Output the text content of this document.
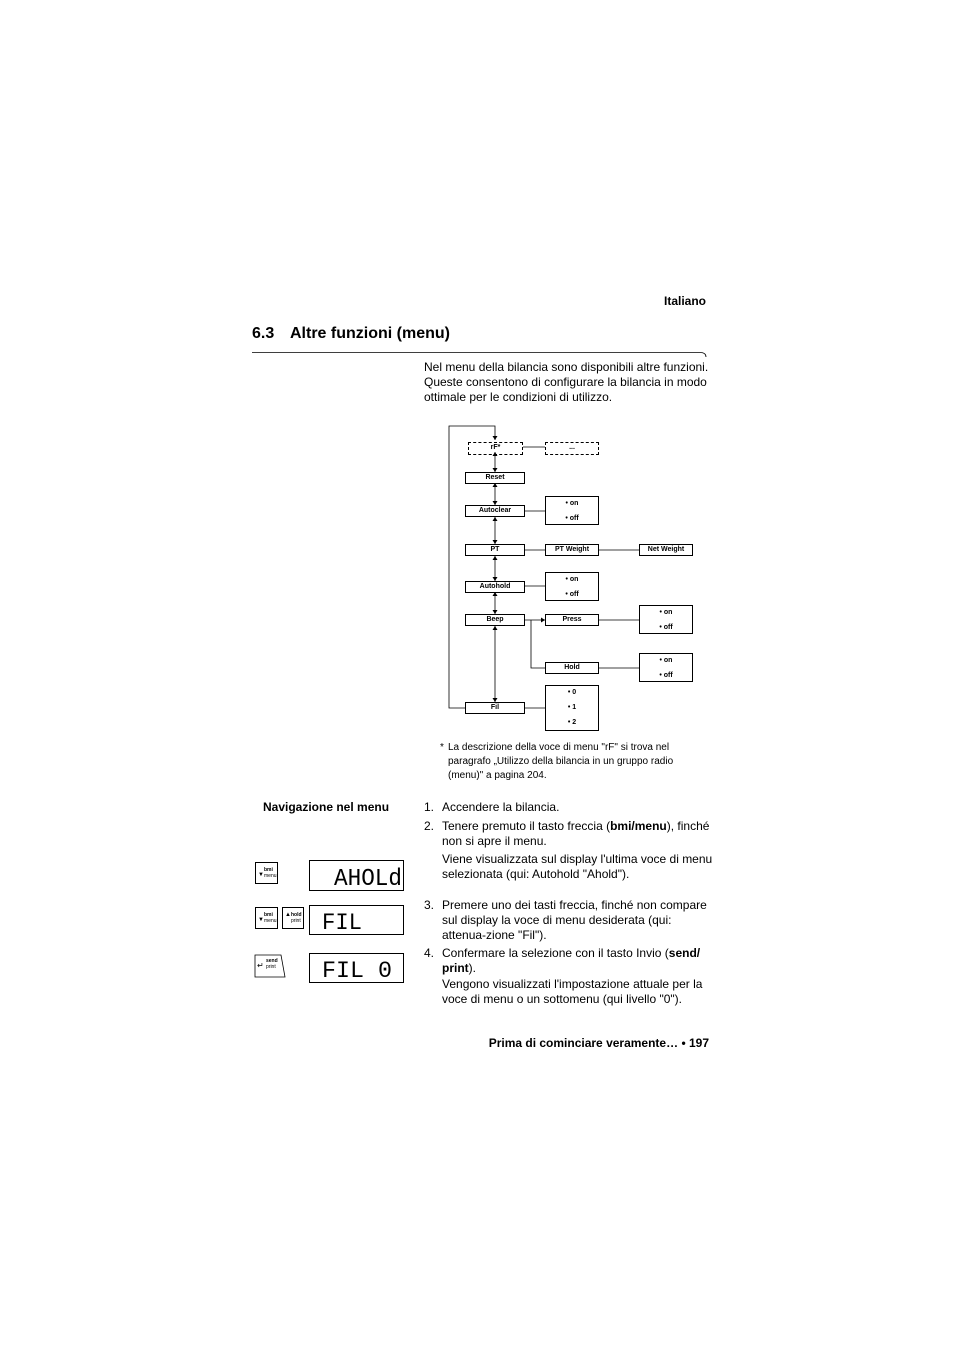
Italiano
6.3 Altre funzioni (menu)
Nel menu della bilancia sono disponibili altre funzioni. Queste consentono di configurare la bilancia in modo ottimale per le condizioni di utilizzo.
rF*	...
Reset
Autoclear
• on
• off
PT	PT Weight	Net Weight
Autohold
• on
• off
Beep	Press
• on
• off
Hold
• on
• off
Fil
• 0
• 1
• 2
* La descrizione della voce di menu "rF" si trova nel paragrafo „Utilizzo della bilancia in un gruppo radio (menu)" a pagina 204.
Navigazione nel menu	1. Accendere la bilancia.
2. Tenere premuto il tasto freccia (bmi/menu), finché non si apre il menu.
Viene visualizzata sul display l'ultima voce di menu selezionata (qui: Autohold "Ahold").
3. Premere uno dei tasti freccia, finché non compare sul display la voce di menu desiderata (qui: attenua-zione "Fil").
4. Confermare la selezione con il tasto Invio (send/ print).
Vengono visualizzati l'impostazione attuale per la voce di menu o un sottomenu (qui livello "0").
▼
bmi
menu
▼
bmi
menu
▲ hold
print
↵ send
print
AHOLd
FIL
FIL 0
Prima di cominciare veramente… • 197
